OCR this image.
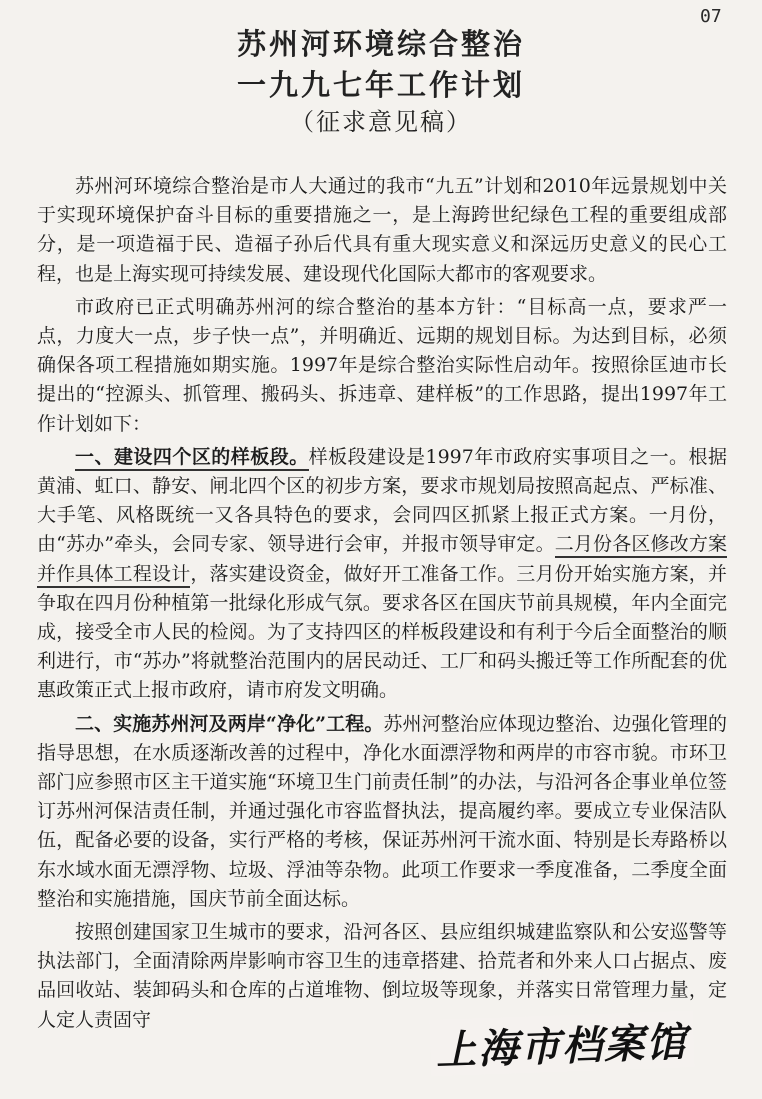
07
苏州河环境综合整治
一九九七年工作计划
（征求意见稿）

苏州河环境综合整治是市人大通过的我市“九五”计划和2010年远景规划中关于实现环境保护奋斗目标的重要措施之一，是上海跨世纪绿色工程的重要组成部分，是一项造福于民、造福子孙后代具有重大现实意义和深远历史意义的民心工程，也是上海实现可持续发展、建设现代化国际大都市的客观要求。

市政府已正式明确苏州河的综合整治的基本方针：“目标高一点，要求严一点，力度大一点，步子快一点”，并明确近、远期的规划目标。为达到目标，必须确保各项工程措施如期实施。1997年是综合整治实际性启动年。按照徐匡迪市长提出的“控源头、抓管理、搬码头、拆违章、建样板”的工作思路，提出1997年工作计划如下：

一、建设四个区的样板段。样板段建设是1997年市政府实事项目之一。根据黄浦、虹口、静安、闸北四个区的初步方案，要求市规划局按照高起点、严标准、大手笔、风格既统一又各具特色的要求，会同四区抓紧上报正式方案。一月份，由“苏办”牵头，会同专家、领导进行会审，并报市领导审定。二月份各区修改方案并作具体工程设计，落实建设资金，做好开工准备工作。三月份开始实施方案，并争取在四月份种植第一批绿化形成气氛。要求各区在国庆节前具规模，年内全面完成，接受全市人民的检阅。为了支持四区的样板段建设和有利于今后全面整治的顺利进行，市“苏办”将就整治范围内的居民动迁、工厂和码头搬迁等工作所配套的优惠政策正式上报市政府，请市府发文明确。

二、实施苏州河及两岸“净化”工程。苏州河整治应体现边整治、边强化管理的指导思想，在水质逐渐改善的过程中，净化水面漂浮物和两岸的市容市貌。市环卫部门应参照市区主干道实施“环境卫生门前责任制”的办法，与沿河各企事业单位签订苏州河保洁责任制，并通过强化市容监督执法，提高履约率。要成立专业保洁队伍，配备必要的设备，实行严格的考核，保证苏州河干流水面、特别是长寿路桥以东水域水面无漂浮物、垃圾、浮油等杂物。此项工作要求一季度准备，二季度全面整治和实施措施，国庆节前全面达标。

按照创建国家卫生城市的要求，沿河各区、县应组织城建监察队和公安巡警等执法部门，全面清除两岸影响市容卫生的违章搭建、拾荒者和外来人口占据点、废品回收站、装卸码头和仓库的占道堆物、倒垃圾等现象，并落实日常管理力量，定人定人责固守	上海市档案馆
